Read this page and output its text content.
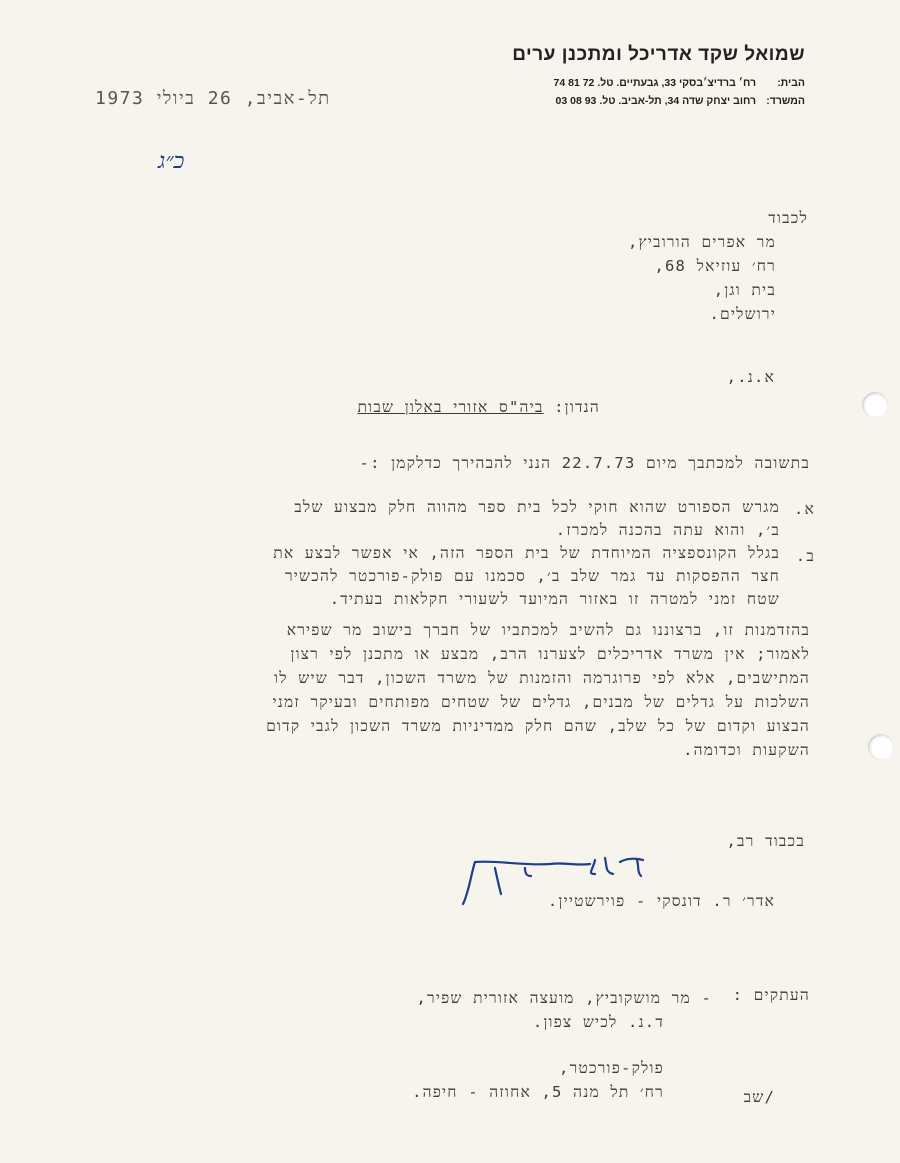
שמואל שקד אדריכל ומתכנן ערים
הבית: רח׳ ברדיצ׳בסקי 33, גבעתיים. טל. 72 81 74
המשרד: רחוב יצחק שדה 34, תל-אביב. טל. 93 08 03
תל-אביב, 26 ביולי 1973
כ״ג
לכבוד
מר אפרים הורוביץ,
רח׳ עוזיאל 68,
בית וגן,
ירושלים.
א.נ.,
הנדון: ביה"ס אזורי באלון שבות
בתשובה למכתבך מיום 22.7.73 הנני להבהירך כדלקמן :-
א.
מגרש הספורט שהוא חוקי לכל בית ספר מהווה חלק מבצוע שלב
ב׳, והוא עתה בהכנה למכרז.
ב.
בגלל הקונספציה המיוחדת של בית הספר הזה, אי אפשר לבצע את
חצר ההפסקות עד גמר שלב ב׳, סכמנו עם פולק-פורכטר להכשיר
שטח זמני למטרה זו באזור המיועד לשעורי חקלאות בעתיד.
בהזדמנות זו, ברצוננו גם להשיב למכתביו של חברך בישוב מר שפירא
לאמור; אין משרד אדריכלים לצערנו הרב, מבצע או מתכנן לפי רצון
המתישבים, אלא לפי פרוגרמה והזמנות של משרד השכון, דבר שיש לו
השלכות על גדלים של מבנים, גדלים של שטחים מפותחים ובעיקר זמני
הבצוע וקדום של כל שלב, שהם חלק ממדיניות משרד השכון לגבי קדום
השקעות וכדומה.
בכבוד רב,
אדר׳ ר. דונסקי - פוירשטיין.
העתקים :
- מר מושקוביץ, מועצה אזורית שפיר,
ד.נ. לכיש צפון.
פולק-פורכטר,
רח׳ תל מנה 5, אחוזה - חיפה.	/שב
